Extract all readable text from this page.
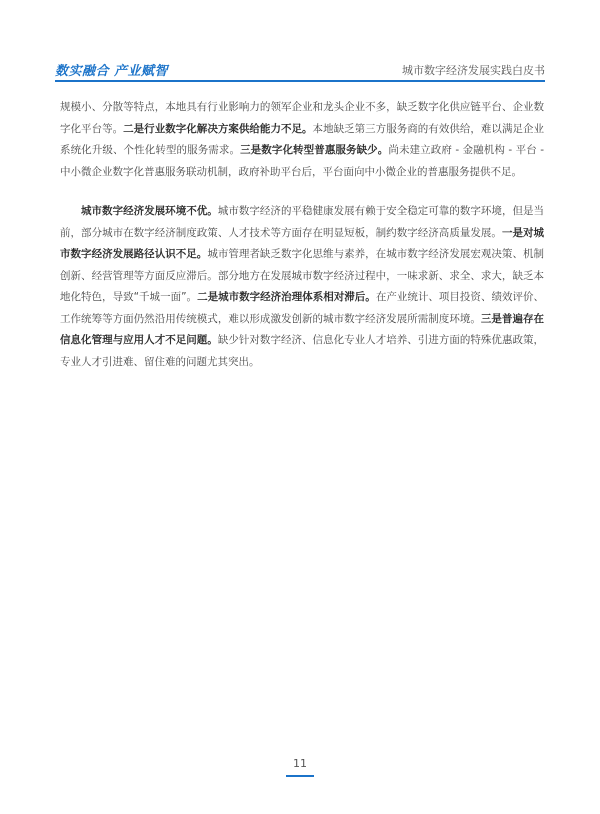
数实融合 产业赋智	城市数字经济发展实践白皮书

规模小、分散等特点，本地具有行业影响力的领军企业和龙头企业不多，缺乏数字化供应链平台、企业数字化平台等。二是行业数字化解决方案供给能力不足。本地缺乏第三方服务商的有效供给，难以满足企业系统化升级、个性化转型的服务需求。三是数字化转型普惠服务缺少。尚未建立政府 - 金融机构 - 平台 - 中小微企业数字化普惠服务联动机制，政府补助平台后，平台面向中小微企业的普惠服务提供不足。

城市数字经济发展环境不优。城市数字经济的平稳健康发展有赖于安全稳定可靠的数字环境，但是当前，部分城市在数字经济制度政策、人才技术等方面存在明显短板，制约数字经济高质量发展。一是对城市数字经济发展路径认识不足。城市管理者缺乏数字化思维与素养，在城市数字经济发展宏观决策、机制创新、经营管理等方面反应滞后。部分地方在发展城市数字经济过程中，一味求新、求全、求大，缺乏本地化特色，导致“千城一面”。二是城市数字经济治理体系相对滞后。在产业统计、项目投资、绩效评价、工作统筹等方面仍然沿用传统模式，难以形成激发创新的城市数字经济发展所需制度环境。三是普遍存在信息化管理与应用人才不足问题。缺少针对数字经济、信息化专业人才培养、引进方面的特殊优惠政策，专业人才引进难、留住难的问题尤其突出。

11
